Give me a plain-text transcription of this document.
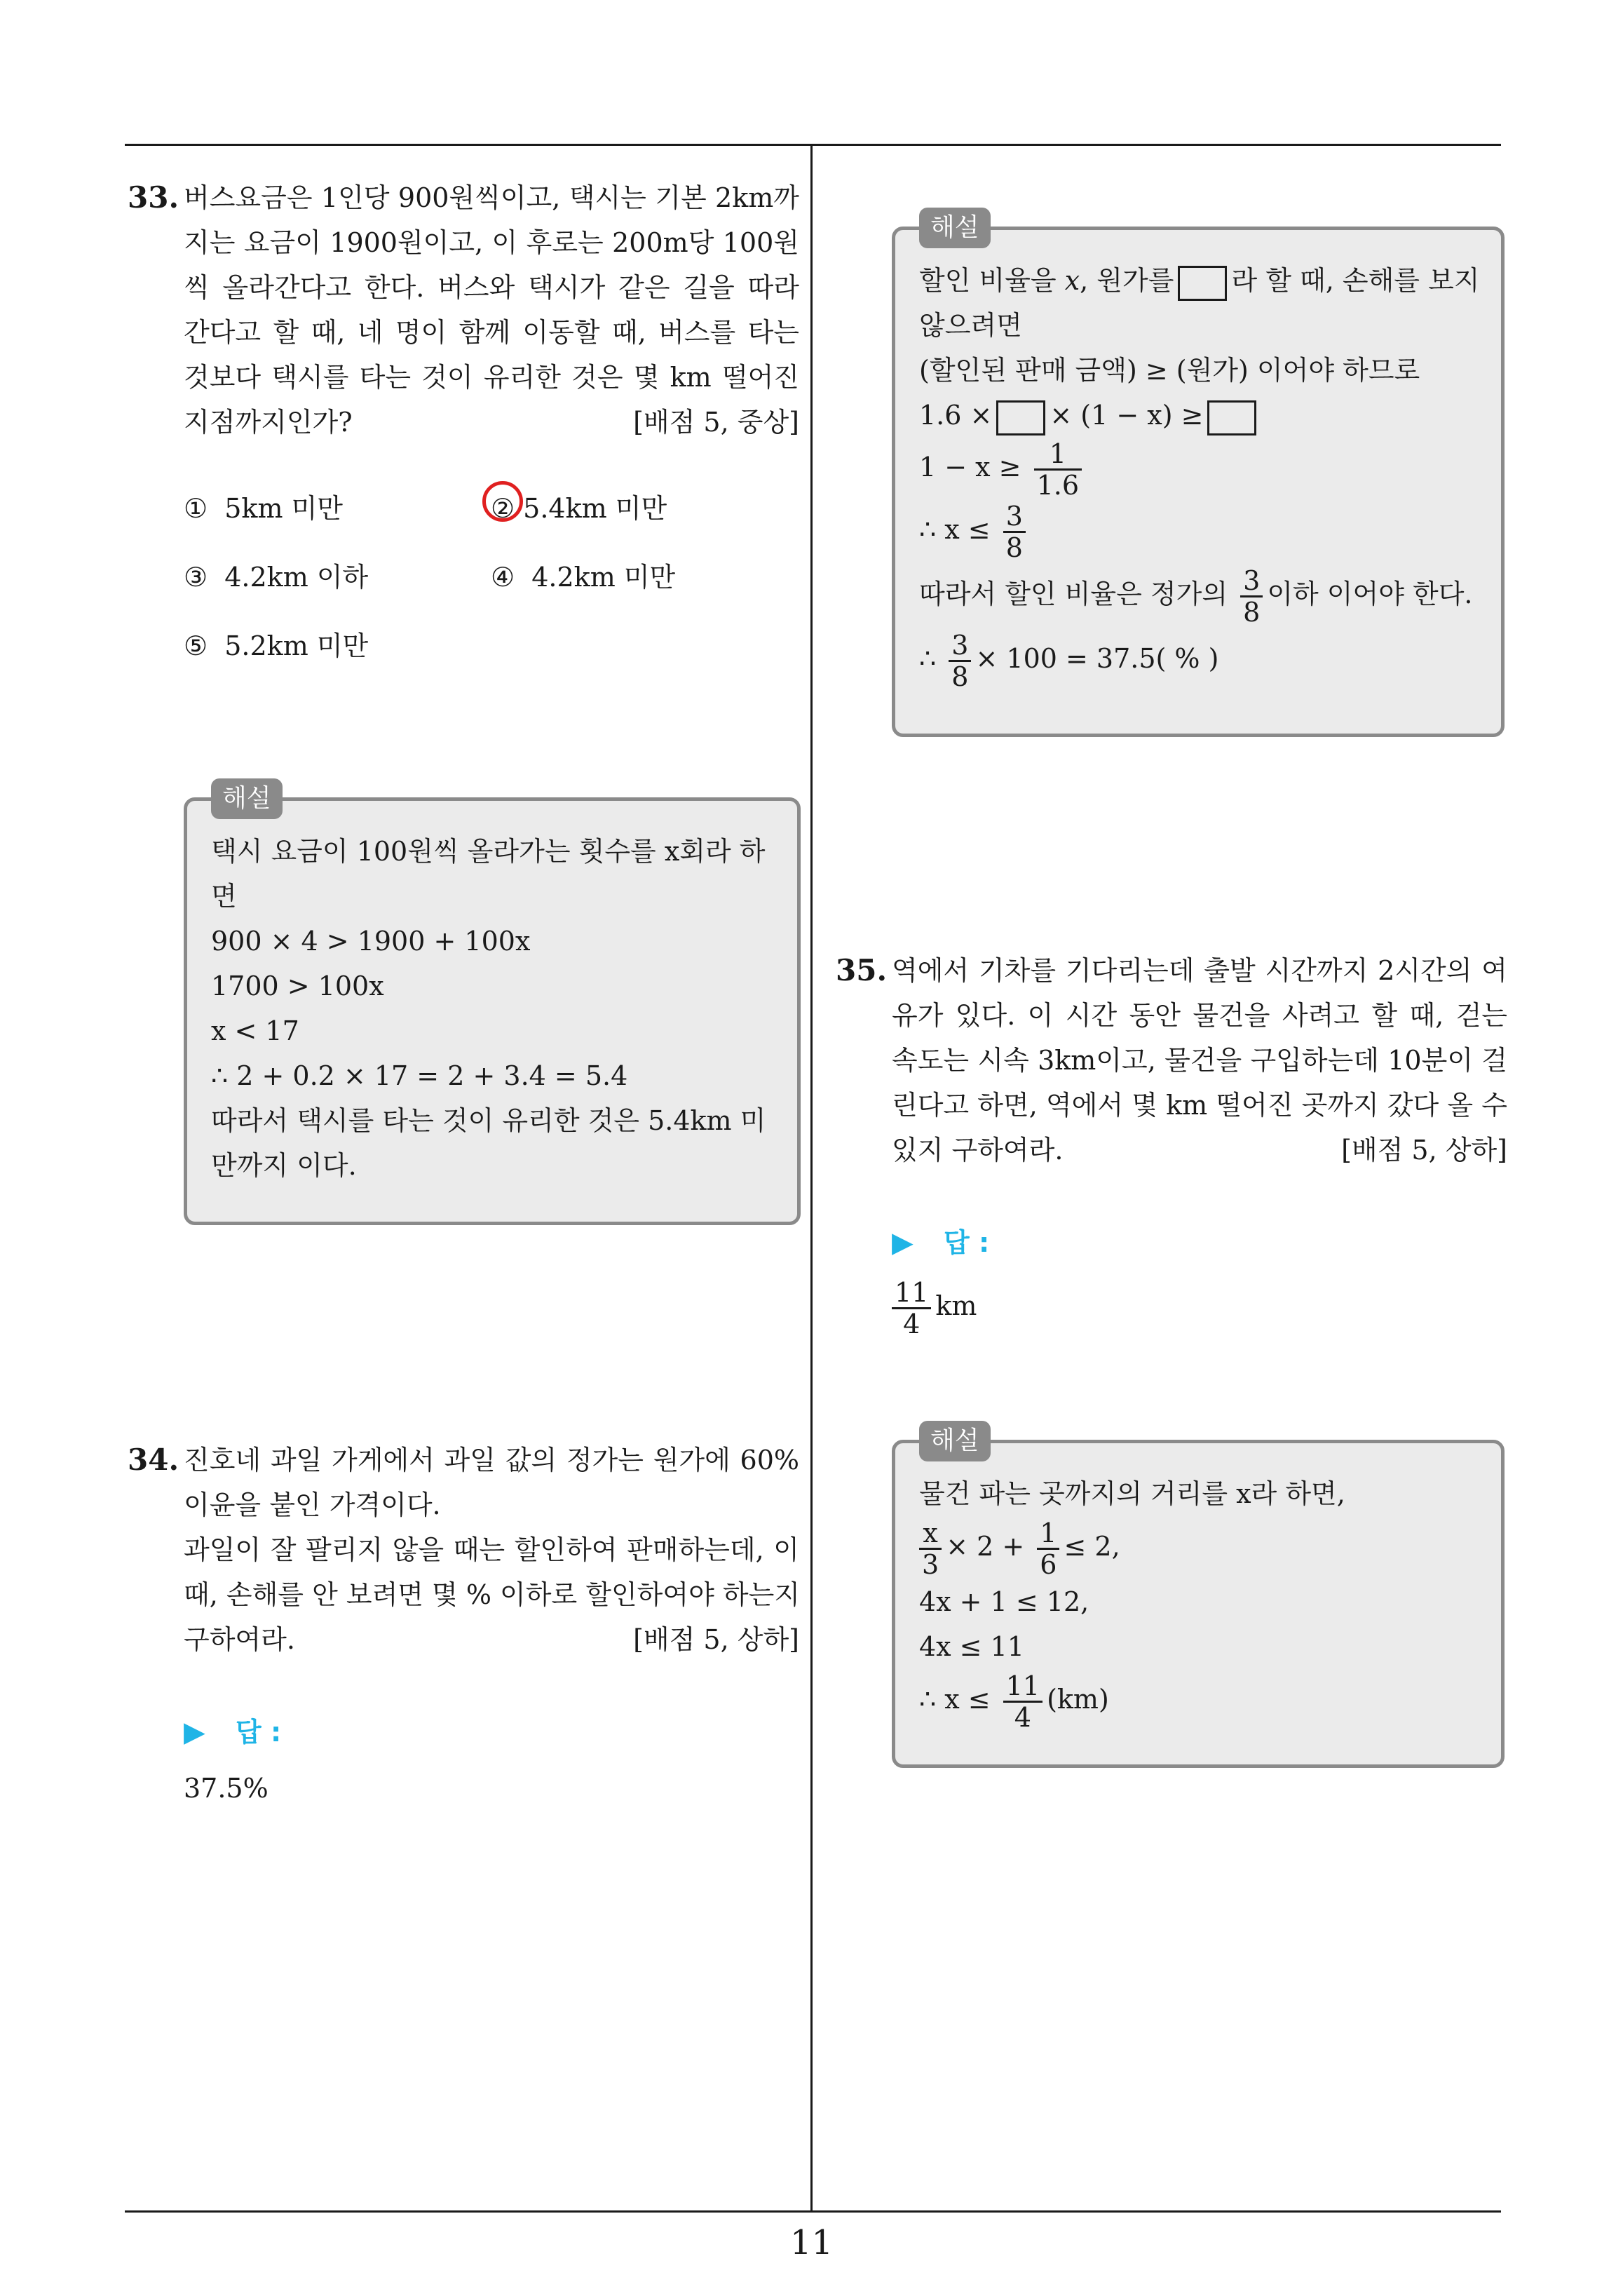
33. 버스요금은 1인당 900원씩이고, 택시는 기본 2km까
지는 요금이 1900원이고, 이 후로는 200m당 100원
씩 올라간다고 한다. 버스와 택시가 같은 길을 따라
간다고 할 때, 네 명이 함께 이동할 때, 버스를 타는
것보다 택시를 타는 것이 유리한 것은 몇 km 떨어진
지점까지인가?	[배점 5, 중상]
① 5km 미만	② 5.4km 미만
③ 4.2km 이하	④ 4.2km 미만
⑤ 5.2km 미만
해설
택시 요금이 100원씩 올라가는 횟수를 x회라 하
면
900 × 4 > 1900 + 100x
1700 > 100x
x < 17
∴ 2 + 0.2 × 17 = 2 + 3.4 = 5.4
따라서 택시를 타는 것이 유리한 것은 5.4km 미
만까지 이다.
34. 진호네 과일 가게에서 과일 값의 정가는 원가에 60%
이윤을 붙인 가격이다.
과일이 잘 팔리지 않을 때는 할인하여 판매하는데, 이
때, 손해를 안 보려면 몇 % 이하로 할인하여야 하는지
구하여라.	[배점 5, 상하]
▶ 답 :
37.5%
해설
할인 비율을 x, 원가를 라 할 때, 손해를 보지
않으려면
(할인된 판매 금액) ≥ (원가) 이어야 하므로
1.6 × × (1 − x) ≥
$1 - x \ge \frac{1}{1.6}$
∴ $x \le \frac{3}{8}$
따라서 할인 비율은 정가의 $\frac{3}{8}$ 이하 이어야 한다.
∴ $\frac{3}{8} \times 100 = 37.5$( % )
35. 역에서 기차를 기다리는데 출발 시간까지 2시간의 여
유가 있다. 이 시간 동안 물건을 사려고 할 때, 걷는
속도는 시속 3km이고, 물건을 구입하는데 10분이 걸
린다고 하면, 역에서 몇 km 떨어진 곳까지 갔다 올 수
있지 구하여라.	[배점 5, 상하]
▶ 답 :
$\frac{11}{4}$ km
해설
물건 파는 곳까지의 거리를 x라 하면,
$\frac{x}{3} \times 2 + \frac{1}{6} \le 2$,
4x + 1 ≤ 12,
4x ≤ 11
∴ $x \le \frac{11}{4} (km)$
11
